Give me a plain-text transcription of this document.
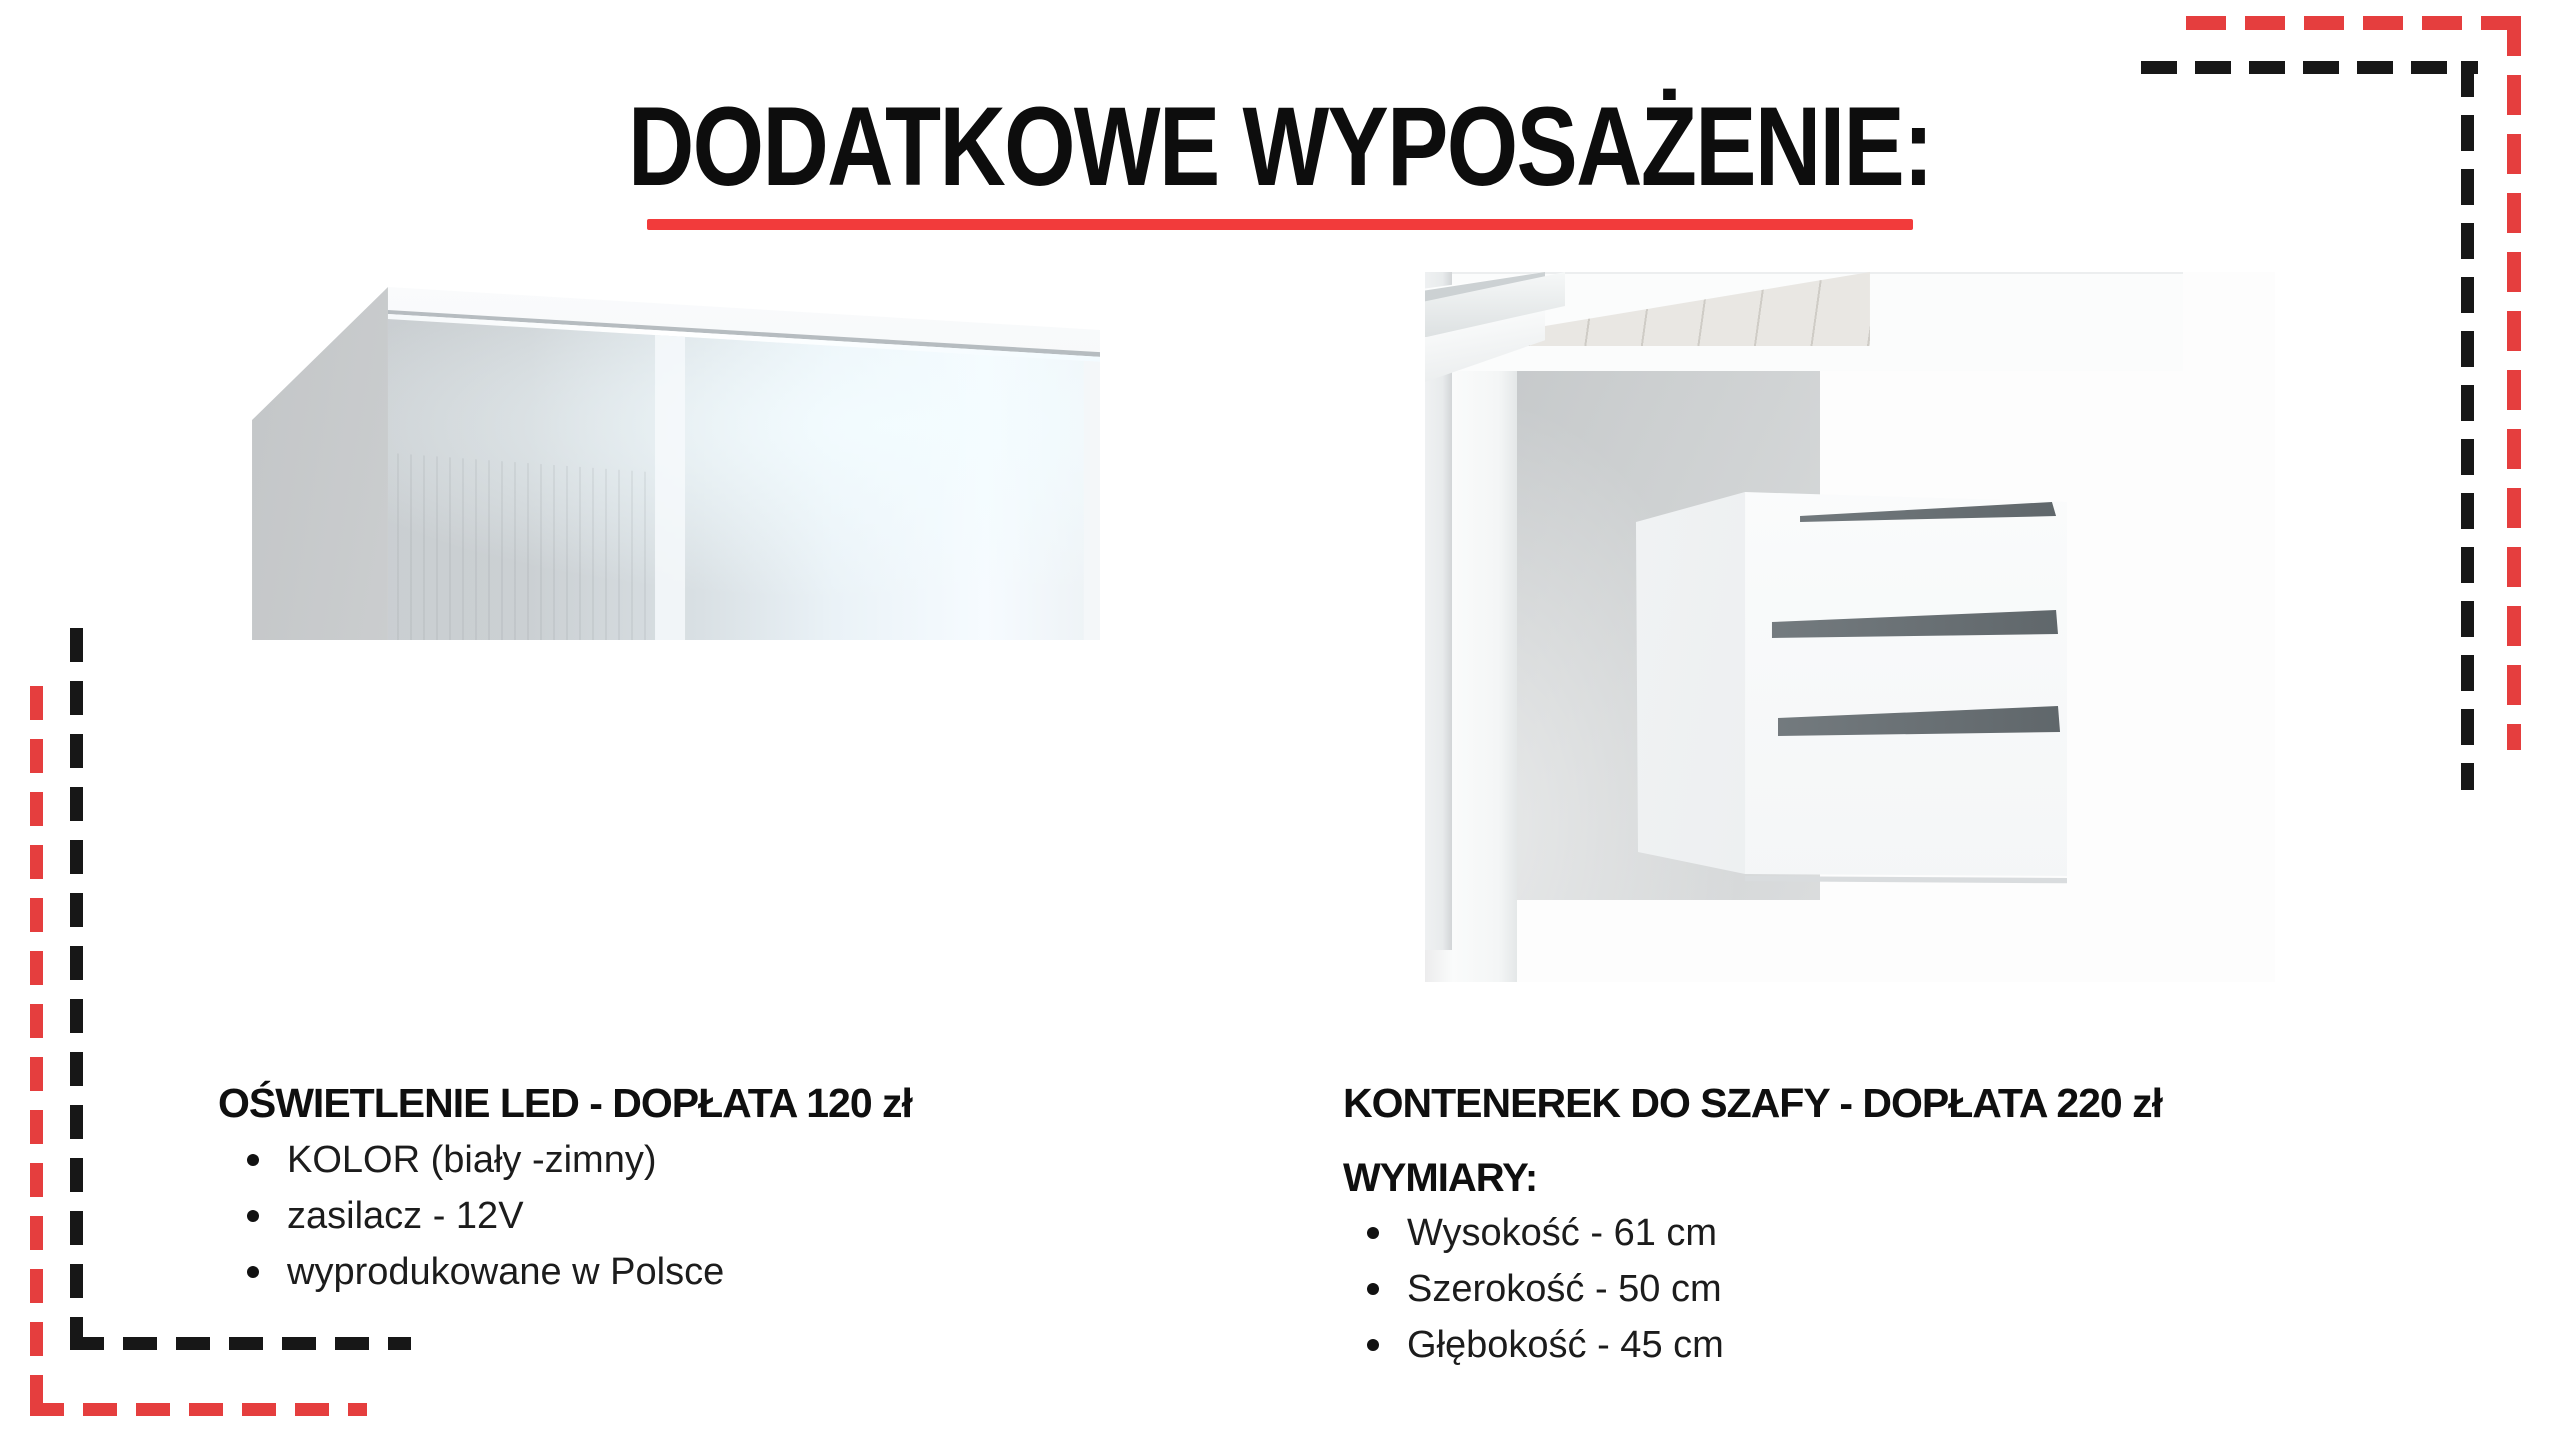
DODATKOWE WYPOSAŻENIE:
OŚWIETLENIE LED - DOPŁATA 120 zł
KOLOR (biały -zimny)
zasilacz - 12V
wyprodukowane w Polsce
KONTENEREK DO SZAFY - DOPŁATA 220 zł
WYMIARY:
Wysokość - 61 cm
Szerokość - 50 cm
Głębokość - 45 cm
